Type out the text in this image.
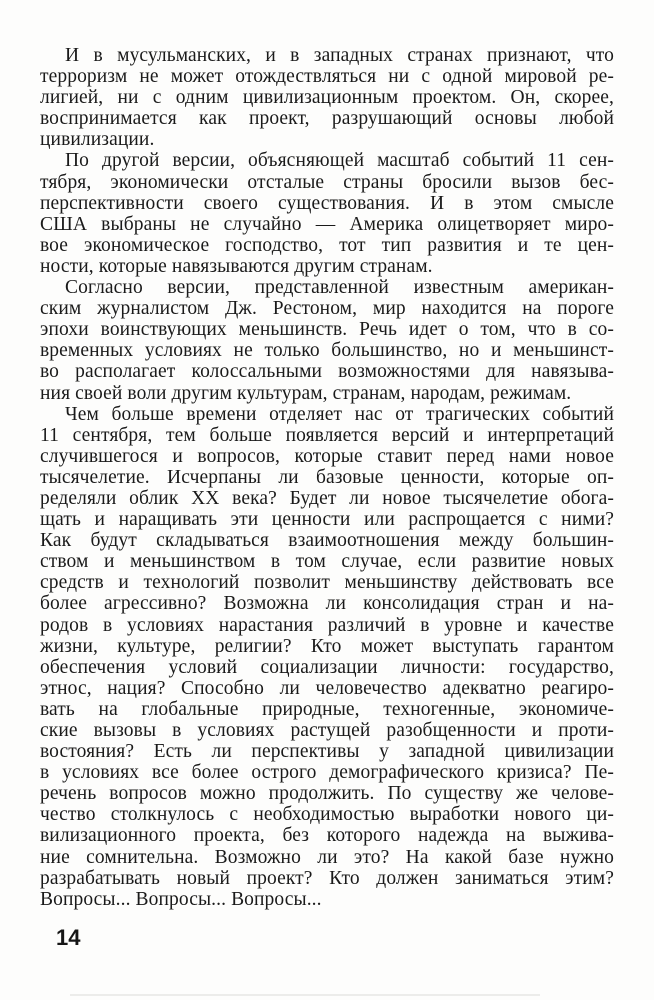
И в мусульманских, и в западных странах признают, что
терроризм не может отождествляться ни с одной мировой ре-
лигией, ни с одним цивилизационным проектом. Он, скорее,
воспринимается как проект, разрушающий основы любой
цивилизации.

По другой версии, объясняющей масштаб событий 11 сен-
тября, экономически отсталые страны бросили вызов бес-
перспективности своего существования. И в этом смысле
США выбраны не случайно — Америка олицетворяет миро-
вое экономическое господство, тот тип развития и те цен-
ности, которые навязываются другим странам.

Согласно версии, представленной известным американ-
ским журналистом Дж. Рестоном, мир находится на пороге
эпохи воинствующих меньшинств. Речь идет о том, что в со-
временных условиях не только большинство, но и меньшинст-
во располагает колоссальными возможностями для навязыва-
ния своей воли другим культурам, странам, народам, режимам.

Чем больше времени отделяет нас от трагических событий
11 сентября, тем больше появляется версий и интерпретаций
случившегося и вопросов, которые ставит перед нами новое
тысячелетие. Исчерпаны ли базовые ценности, которые оп-
ределяли облик XX века? Будет ли новое тысячелетие обога-
щать и наращивать эти ценности или распрощается с ними?
Как будут складываться взаимоотношения между большин-
ством и меньшинством в том случае, если развитие новых
средств и технологий позволит меньшинству действовать все
более агрессивно? Возможна ли консолидация стран и на-
родов в условиях нарастания различий в уровне и качестве
жизни, культуре, религии? Кто может выступать гарантом
обеспечения условий социализации личности: государство,
этнос, нация? Способно ли человечество адекватно реагиро-
вать на глобальные природные, техногенные, экономиче-
ские вызовы в условиях растущей разобщенности и проти-
востояния? Есть ли перспективы у западной цивилизации
в условиях все более острого демографического кризиса? Пе-
речень вопросов можно продолжить. По существу же челове-
чество столкнулось с необходимостью выработки нового ци-
вилизационного проекта, без которого надежда на выжива-
ние сомнительна. Возможно ли это? На какой базе нужно
разрабатывать новый проект? Кто должен заниматься этим?
Вопросы... Вопросы... Вопросы...

14
